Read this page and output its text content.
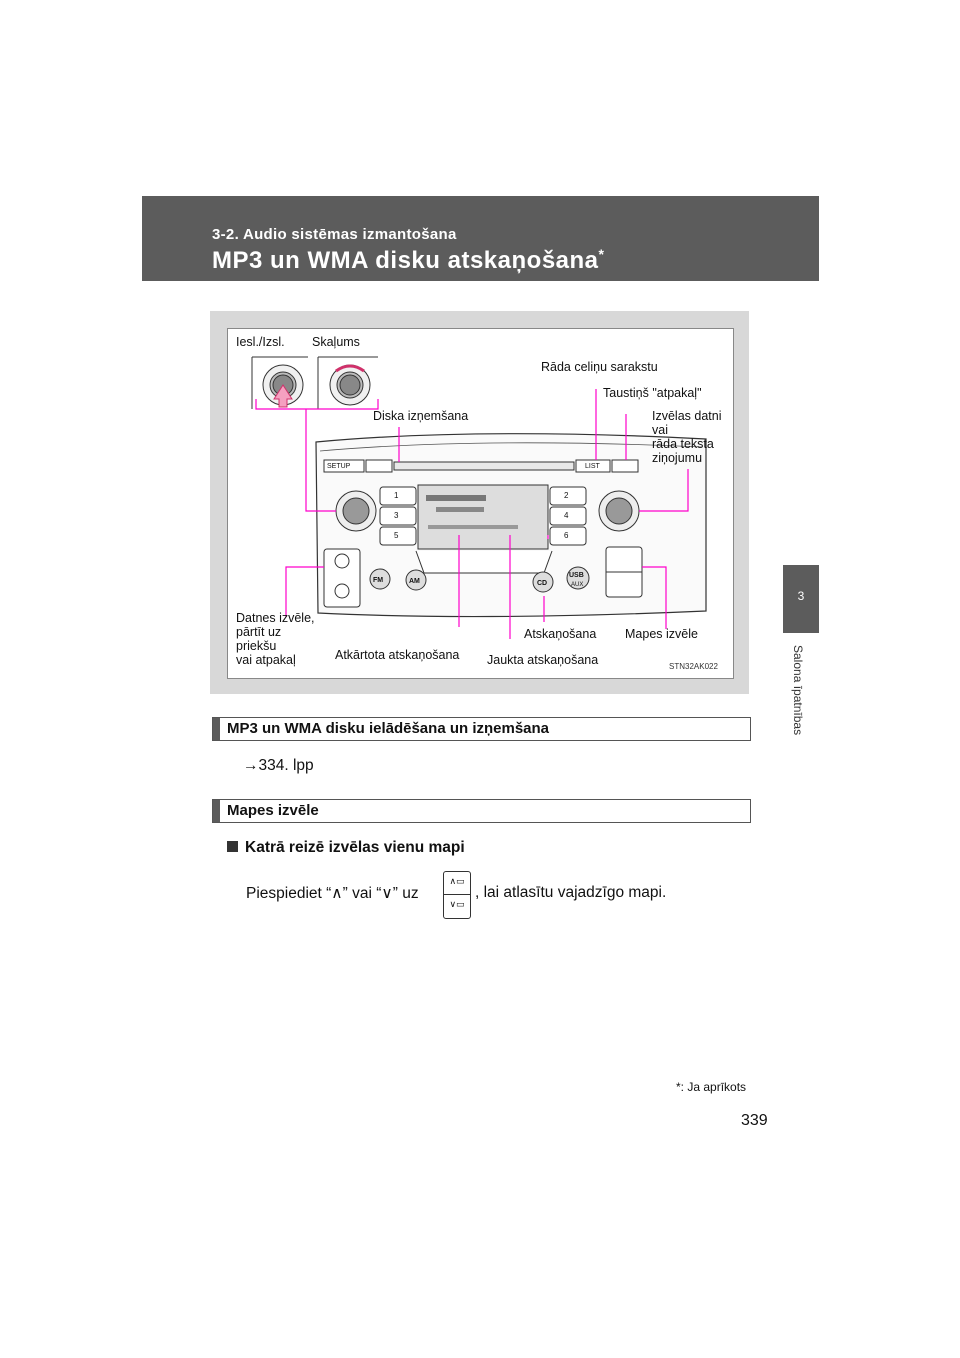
3-2. Audio sistēmas izmantošana
MP3 un WMA disku atskaņošana*
3
Salona īpatnības
SETUP	LIST
FM	AM	CD
USB
AUX
1
3
5
2
4
6
Iesl./Izsl. Skaļums
Rāda celiņu sarakstu
Taustiņš "atpakaļ"
Diska izņemšana	Izvēlas datni
vai
rāda teksta
ziņojumu
Datnes izvēle,
pārtīt uz
priekšu
vai atpakaļ	Atkārtota atskaņošana Jaukta atskaņošana
Atskaņošana Mapes izvēle
STN32AK022
MP3 un WMA disku ielādēšana un izņemšana
→334. lpp
Mapes izvēle
Katrā reizē izvēlas vienu mapi
Piespiediet “∧” vai “∨” uz
∧▭
∨▭
, lai atlasītu vajadzīgo mapi.
*: Ja aprīkots
339
